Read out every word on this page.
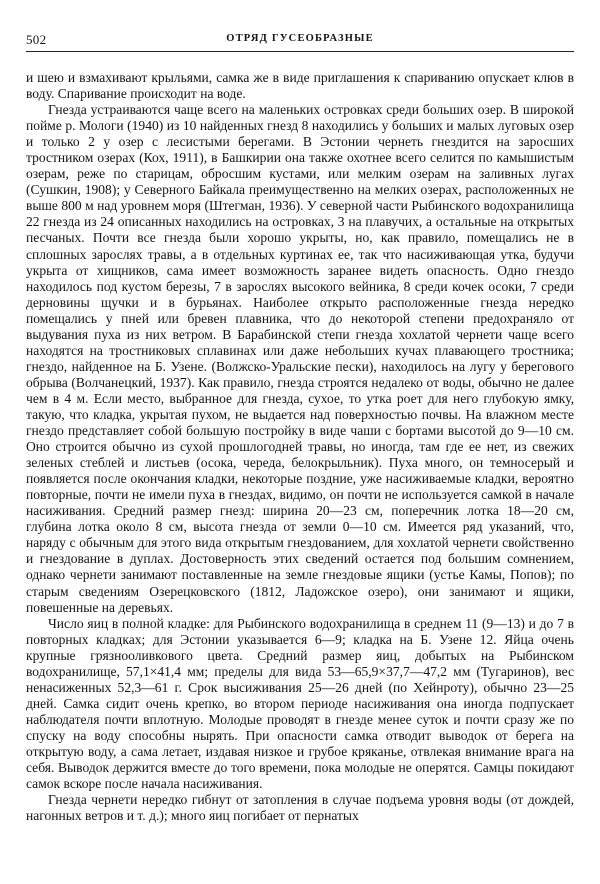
502	ОТРЯД ГУСЕОБРАЗНЫЕ

и шею и взмахивают крыльями, самка же в виде приглашения к спариванию опускает клюв в воду. Спаривание происходит на воде.

Гнезда устраиваются чаще всего на маленьких островках среди больших озер. В широкой пойме р. Мологи (1940) из 10 найденных гнезд 8 находились у больших и малых луговых озер и только 2 у озер с лесистыми берегами. В Эстонии чернеть гнездится на заросших тростником озерах (Кох, 1911), в Башкирии она также охотнее всего селится по камышистым озерам, реже по старицам, обросшим кустами, или мелким озерам на заливных лугах (Сушкин, 1908); у Северного Байкала преимущественно на мелких озерах, расположенных не выше 800 м над уровнем моря (Штегман, 1936). У северной части Рыбинского водохранилища 22 гнезда из 24 описанных находились на островках, 3 на плавучих, а остальные на открытых песчаных. Почти все гнезда были хорошо укрыты, но, как правило, помещались не в сплошных зарослях травы, а в отдельных куртинах ее, так что насиживающая утка, будучи укрыта от хищников, сама имеет возможность заранее видеть опасность. Одно гнездо находилось под кустом березы, 7 в зарослях высокого вейника, 8 среди кочек осоки, 7 среди дерновины щучки и в бурьянах. Наиболее открыто расположенные гнезда нередко помещались у пней или бревен плавника, что до некоторой степени предохраняло от выдувания пуха из них ветром. В Барабинской степи гнезда хохлатой чернети чаще всего находятся на тростниковых сплавинах или даже небольших кучах плавающего тростника; гнездо, найденное на Б. Узене. (Волжско-Уральские пески), находилось на лугу у берегового обрыва (Волчанецкий, 1937). Как правило, гнезда строятся недалеко от воды, обычно не далее чем в 4 м. Если место, выбранное для гнезда, сухое, то утка роет для него глубокую ямку, такую, что кладка, укрытая пухом, не выдается над поверхностью почвы. На влажном месте гнездо представляет собой большую постройку в виде чаши с бортами высотой до 9—10 см. Оно строится обычно из сухой прошлогодней травы, но иногда, там где ее нет, из свежих зеленых стеблей и листьев (осока, череда, белокрыльник). Пуха много, он темносерый и появляется после окончания кладки, некоторые поздние, уже насиживаемые кладки, вероятно повторные, почти не имели пуха в гнездах, видимо, он почти не используется самкой в начале насиживания. Средний размер гнезд: ширина 20—23 см, поперечник лотка 18—20 см, глубина лотка около 8 см, высота гнезда от земли 0—10 см. Имеется ряд указаний, что, наряду с обычным для этого вида открытым гнездованием, для хохлатой чернети свойственно и гнездование в дуплах. Достоверность этих сведений остается под большим сомнением, однако чернети занимают поставленные на земле гнездовые ящики (устье Камы, Попов); по старым сведениям Озерецковского (1812, Ладожское озеро), они занимают и ящики, повешенные на деревьях.

Число яиц в полной кладке: для Рыбинского водохранилища в среднем 11 (9—13) и до 7 в повторных кладках; для Эстонии указывается 6—9; кладка на Б. Узене 12. Яйца очень крупные грязнооливкового цвета. Средний размер яиц, добытых на Рыбинском водохранилище, 57,1×41,4 мм; пределы для вида 53—65,9×37,7—47,2 мм (Тугаринов), вес ненасиженных 52,3—61 г. Срок высиживания 25—26 дней (по Хейнроту), обычно 23—25 дней. Самка сидит очень крепко, во втором периоде насиживания она иногда подпускает наблюдателя почти вплотную. Молодые проводят в гнезде менее суток и почти сразу же по спуску на воду способны нырять. При опасности самка отводит выводок от берега на открытую воду, а сама летает, издавая низкое и грубое кряканье, отвлекая внимание врага на себя. Выводок держится вместе до того времени, пока молодые не оперятся. Самцы покидают самок вскоре после начала насиживания.

Гнезда чернети нередко гибнут от затопления в случае подъема уровня воды (от дождей, нагонных ветров и т. д.); много яиц погибает от пернатых
